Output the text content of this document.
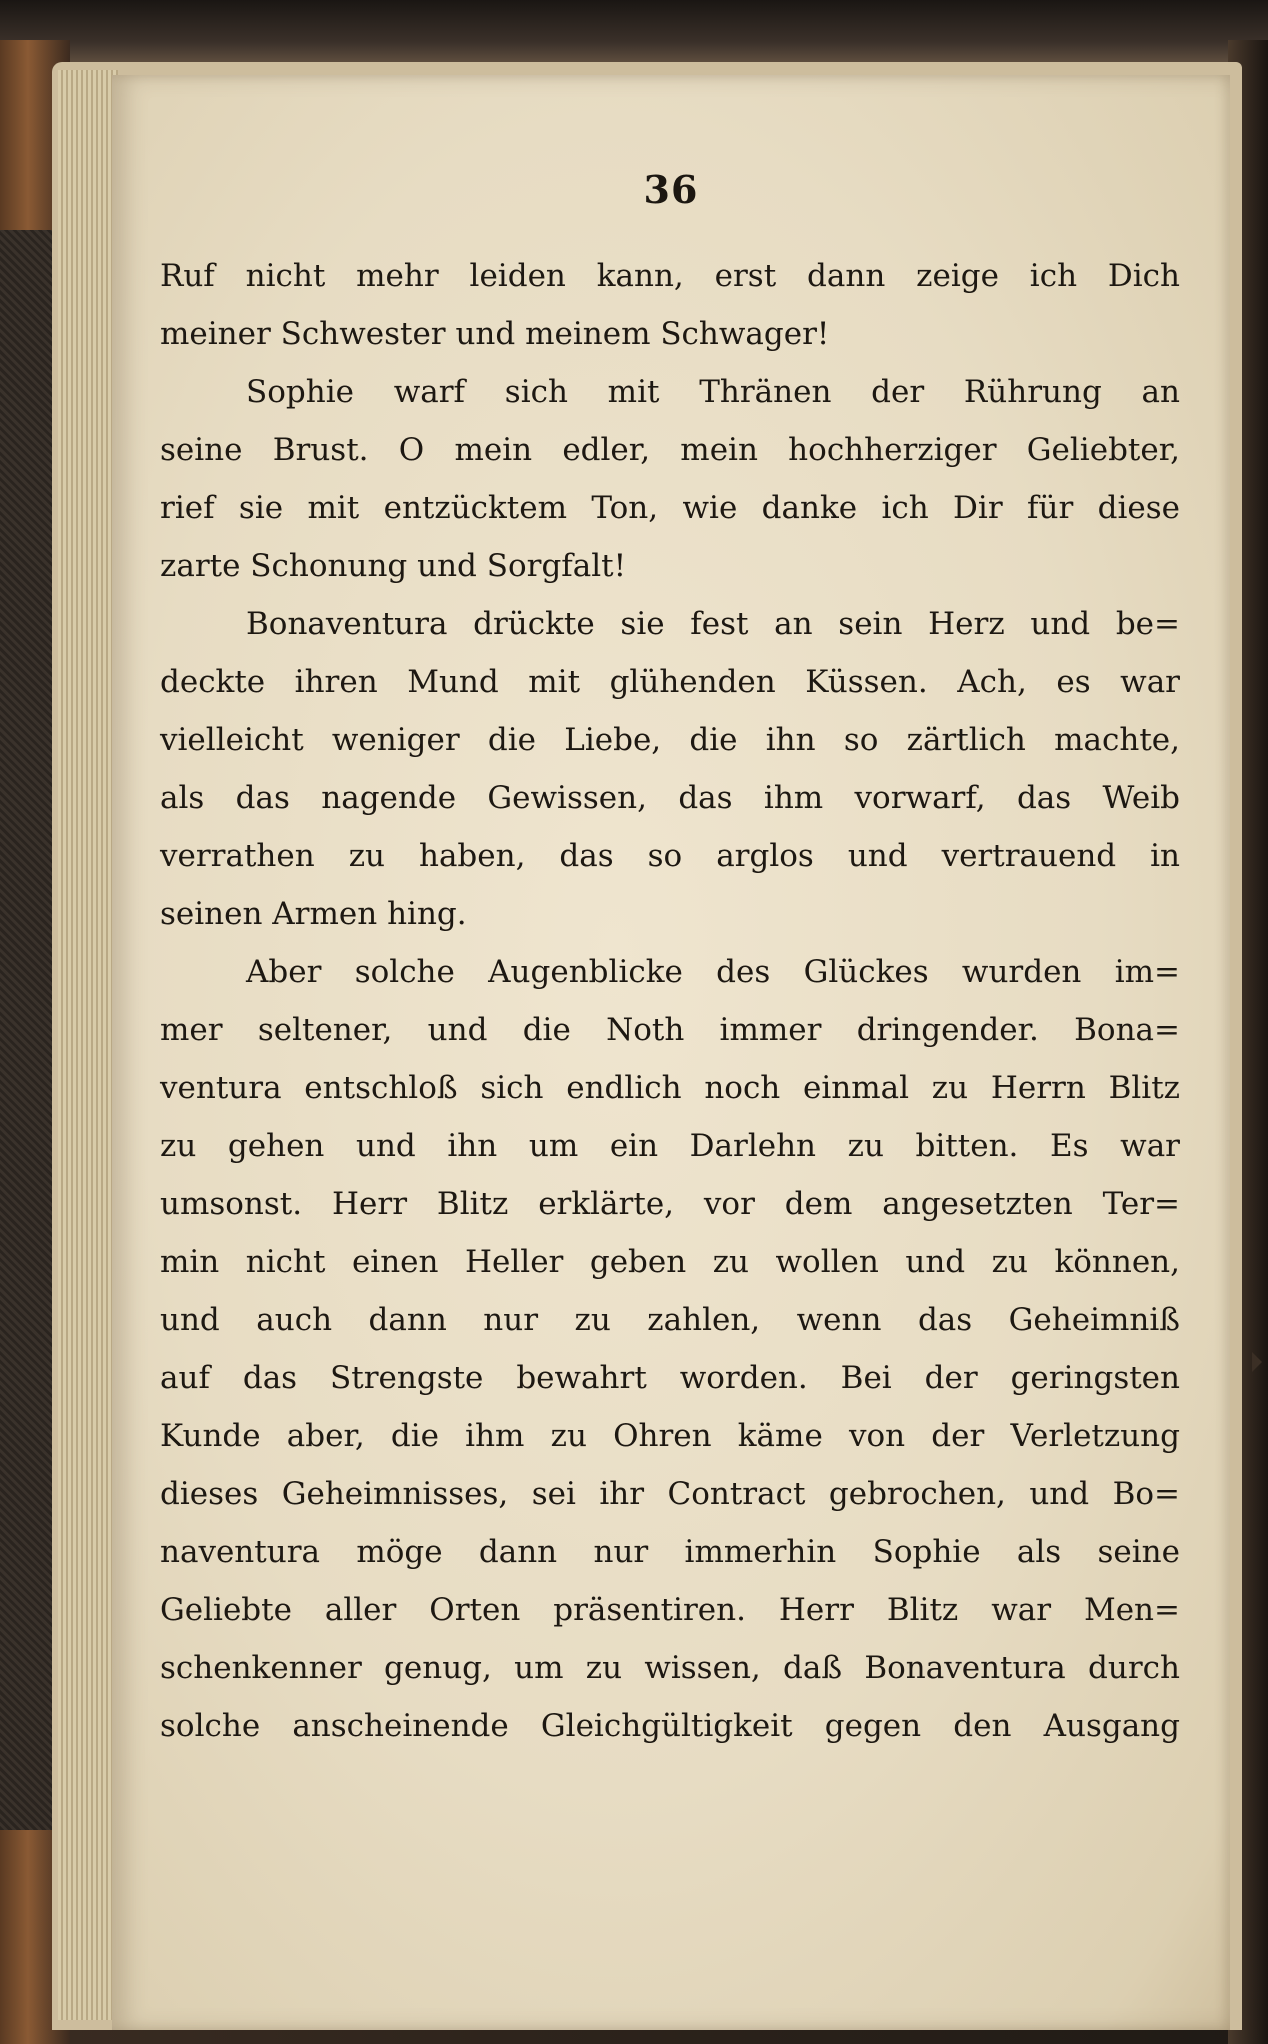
36
Ruf nicht mehr leiden kann, erst dann zeige ich Dich
meiner Schwester und meinem Schwager!
Sophie warf sich mit Thränen der Rührung an
seine Brust. O mein edler, mein hochherziger Geliebter,
rief sie mit entzücktem Ton, wie danke ich Dir für diese
zarte Schonung und Sorgfalt!
Bonaventura drückte sie fest an sein Herz und be=
deckte ihren Mund mit glühenden Küssen. Ach, es war
vielleicht weniger die Liebe, die ihn so zärtlich machte,
als das nagende Gewissen, das ihm vorwarf, das Weib
verrathen zu haben, das so arglos und vertrauend in
seinen Armen hing.
Aber solche Augenblicke des Glückes wurden im=
mer seltener, und die Noth immer dringender. Bona=
ventura entschloß sich endlich noch einmal zu Herrn Blitz
zu gehen und ihn um ein Darlehn zu bitten. Es war
umsonst. Herr Blitz erklärte, vor dem angesetzten Ter=
min nicht einen Heller geben zu wollen und zu können,
und auch dann nur zu zahlen, wenn das Geheimniß
auf das Strengste bewahrt worden. Bei der geringsten
Kunde aber, die ihm zu Ohren käme von der Verletzung
dieses Geheimnisses, sei ihr Contract gebrochen, und Bo=
naventura möge dann nur immerhin Sophie als seine
Geliebte aller Orten präsentiren. Herr Blitz war Men=
schenkenner genug, um zu wissen, daß Bonaventura durch
solche anscheinende Gleichgültigkeit gegen den Ausgang
